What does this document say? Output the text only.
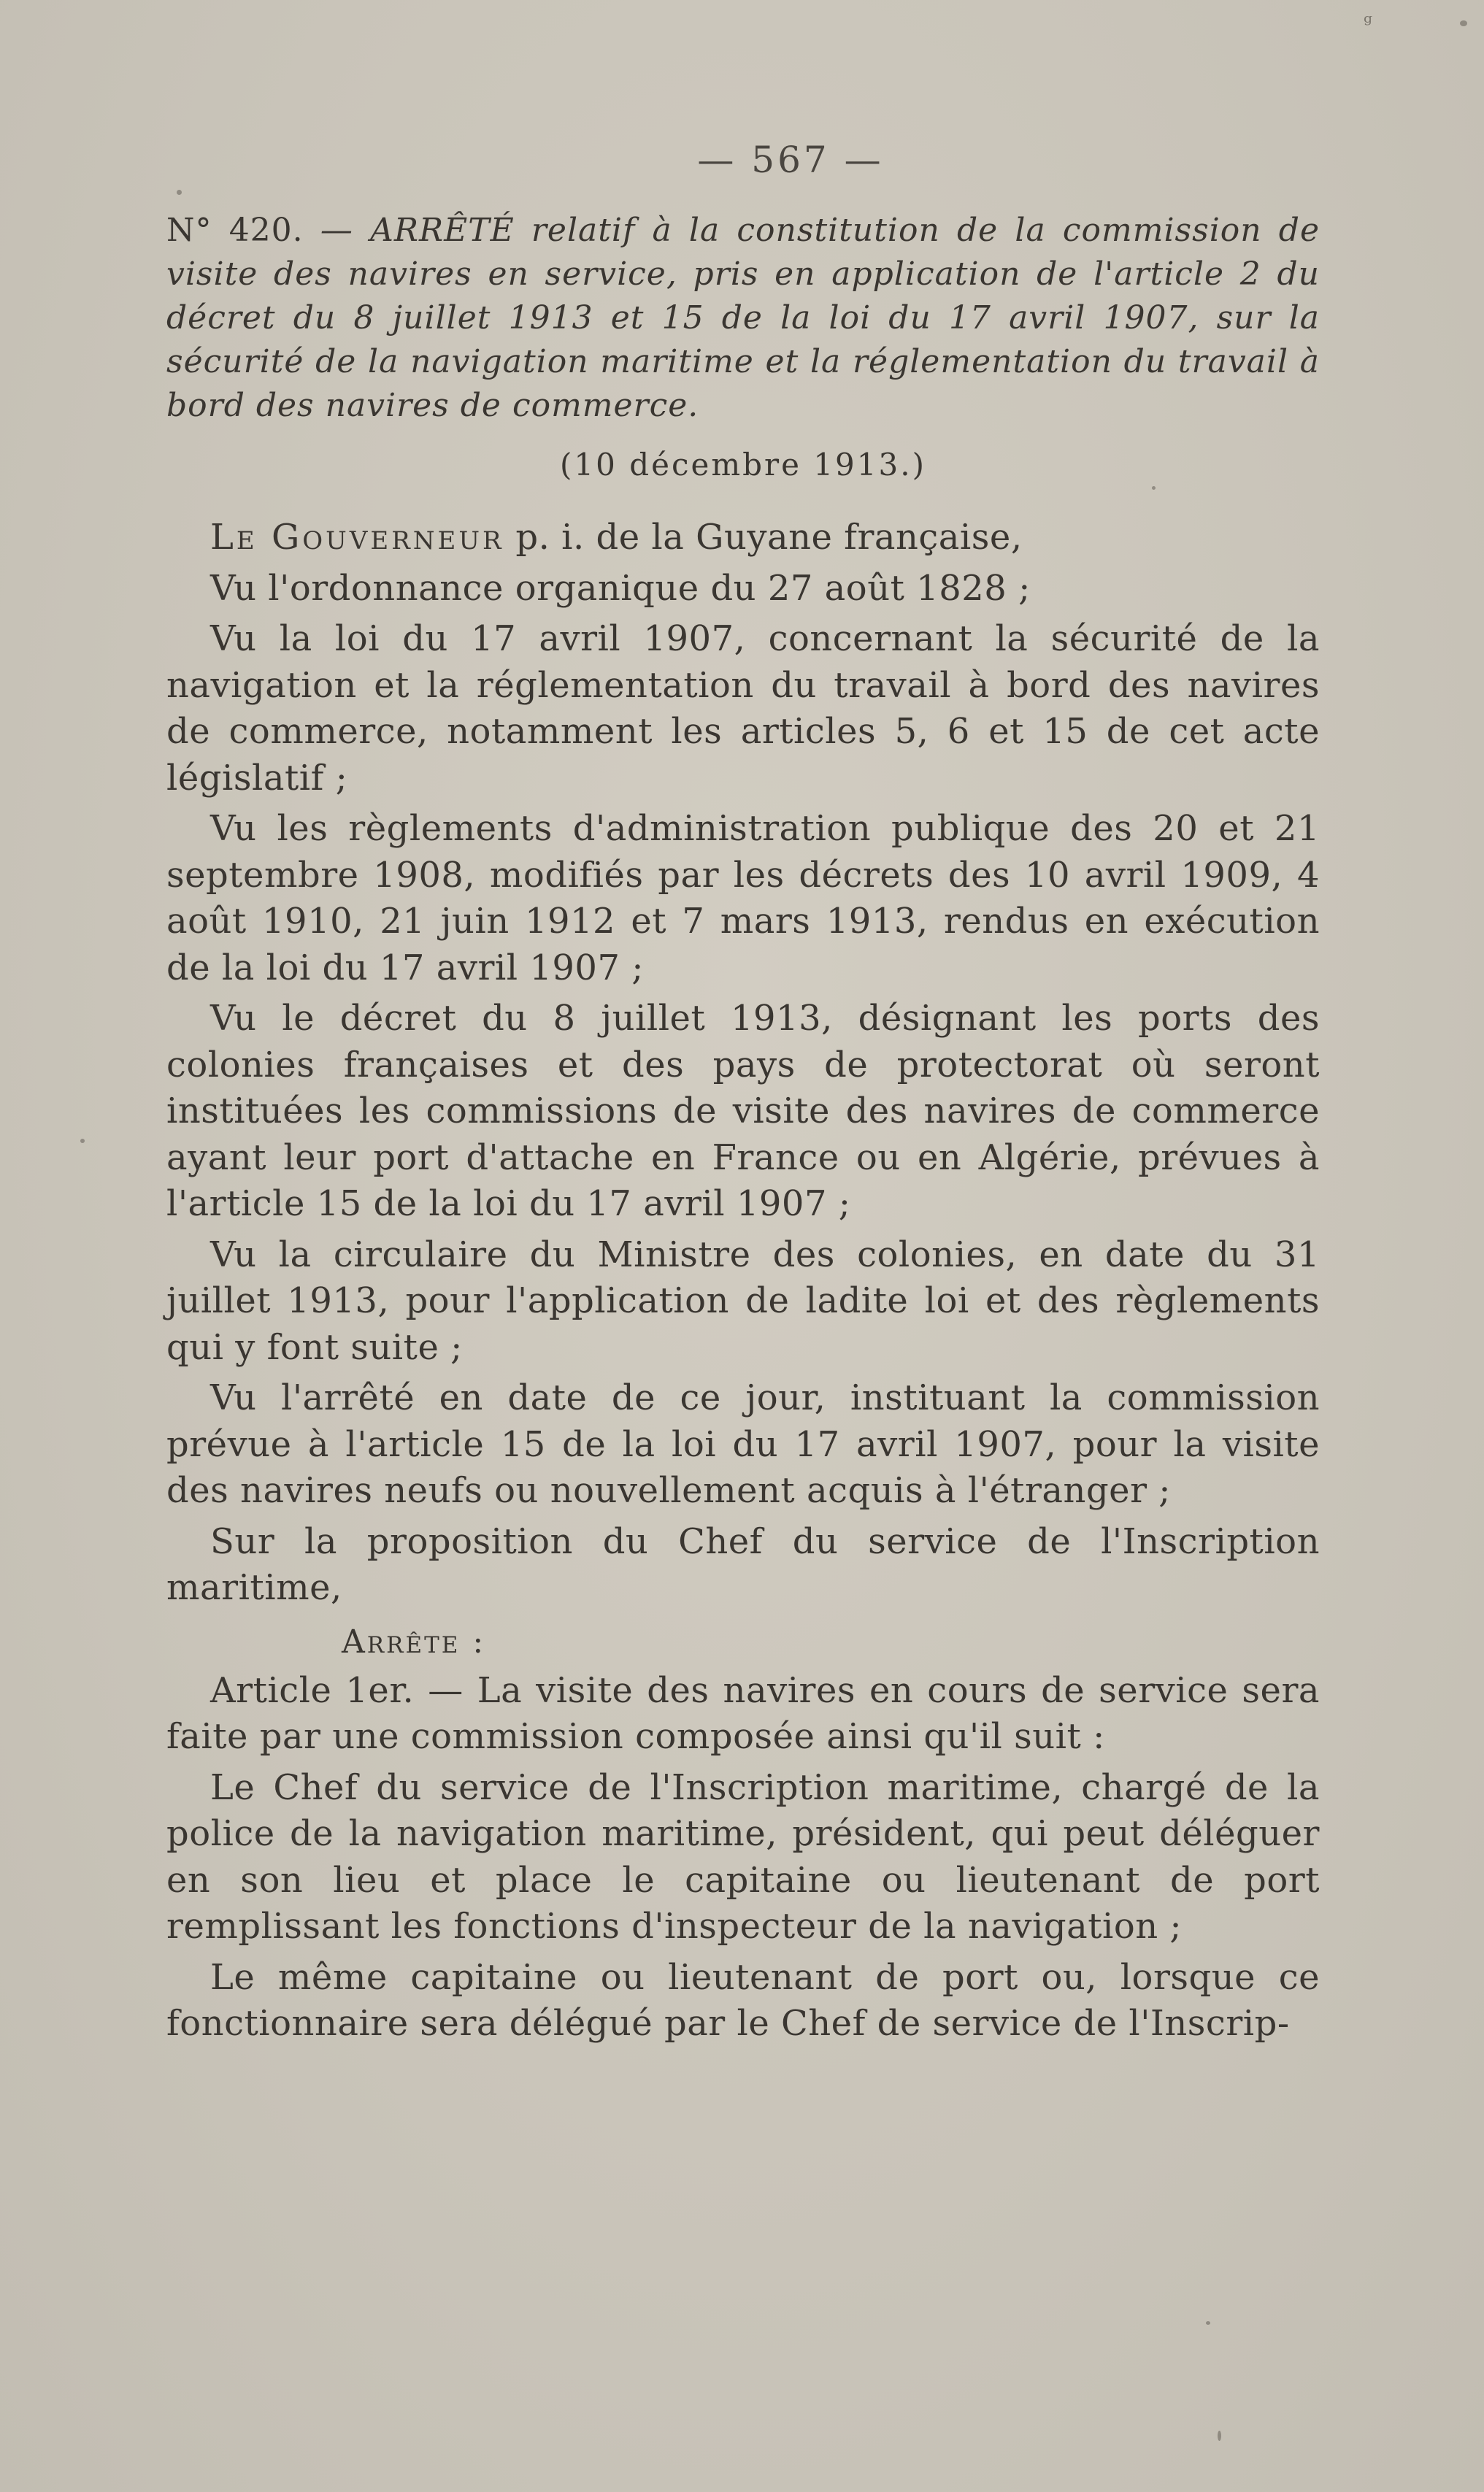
ᵍ
— 567 —
N° 420. — ARRÊTÉ relatif à la constitution de la commission de visite des navires en service, pris en application de l'article 2 du décret du 8 juillet 1913 et 15 de la loi du 17 avril 1907, sur la sécurité de la navigation maritime et la réglementation du travail à bord des navires de commerce.
(10 décembre 1913.)

Le Gouverneur p. i. de la Guyane française,

Vu l'ordonnance organique du 27 août 1828 ;

Vu la loi du 17 avril 1907, concernant la sécurité de la navigation et la réglementation du travail à bord des navires de commerce, notamment les articles 5, 6 et 15 de cet acte législatif ;

Vu les règlements d'administration publique des 20 et 21 septembre 1908, modifiés par les décrets des 10 avril 1909, 4 août 1910, 21 juin 1912 et 7 mars 1913, rendus en exécution de la loi du 17 avril 1907 ;

Vu le décret du 8 juillet 1913, désignant les ports des colonies françaises et des pays de protectorat où seront instituées les commissions de visite des navires de commerce ayant leur port d'attache en France ou en Algérie, prévues à l'article 15 de la loi du 17 avril 1907 ;

Vu la circulaire du Ministre des colonies, en date du 31 juillet 1913, pour l'application de ladite loi et des règlements qui y font suite ;

Vu l'arrêté en date de ce jour, instituant la commission prévue à l'article 15 de la loi du 17 avril 1907, pour la visite des navires neufs ou nouvellement acquis à l'étranger ;

Sur la proposition du Chef du service de l'Inscription maritime,

Arrête :

Article 1er. — La visite des navires en cours de service sera faite par une commission composée ainsi qu'il suit :

Le Chef du service de l'Inscription maritime, chargé de la police de la navigation maritime, président, qui peut déléguer en son lieu et place le capitaine ou lieutenant de port remplissant les fonctions d'inspecteur de la navigation ;

Le même capitaine ou lieutenant de port ou, lorsque ce fonctionnaire sera délégué par le Chef de service de l'Inscrip-
